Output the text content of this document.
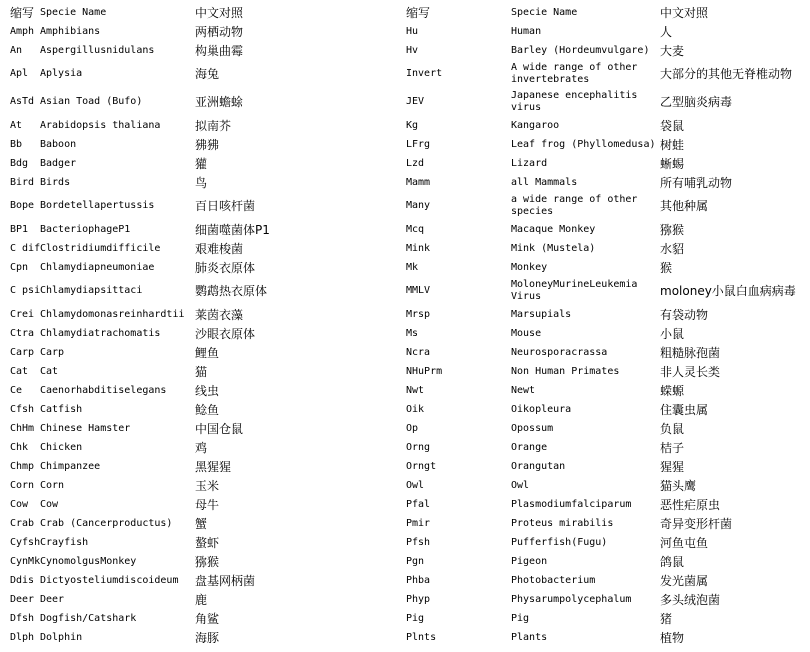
缩写	Specie Name	中文对照	缩写	Specie Name	中文对照
Amph	Amphibians	两栖动物	Hu	Human	人
An	Aspergillusnidulans	构巢曲霉	Hv	Barley (Hordeumvulgare)	大麦
Apl	Aplysia	海兔	Invert	A wide range of other invertebrates	大部分的其他无脊椎动物
AsTd	Asian Toad (Bufo)	亚洲蟾蜍	JEV	Japanese encephalitis virus	乙型脑炎病毒
At	Arabidopsis thaliana	拟南芥	Kg	Kangaroo	袋鼠
Bb	Baboon	狒狒	LFrg	Leaf frog (Phyllomedusa)	树蛙
Bdg	Badger	獾	Lzd	Lizard	蜥蜴
Bird	Birds	鸟	Mamm	all Mammals	所有哺乳动物
Bope	Bordetellapertussis	百日咳杆菌	Many	a wide range of other species	其他种属
BP1	BacteriophageP1	细菌噬菌体P1	Mcq	Macaque Monkey	猕猴
C dif	Clostridiumdifficile	艰难梭菌	Mink	Mink (Mustela)	水貂
Cpn	Chlamydiapneumoniae	肺炎衣原体	Mk	Monkey	猴
C psi	Chlamydiapsittaci	鹦鹉热衣原体	MMLV	MoloneyMurineLeukemia Virus	moloney小鼠白血病病毒
Crei	Chlamydomonasreinhardtii	莱茵衣藻	Mrsp	Marsupials	有袋动物
Ctra	Chlamydiatrachomatis	沙眼衣原体	Ms	Mouse	小鼠
Carp	Carp	鲤鱼	Ncra	Neurosporacrassa	粗糙脉孢菌
Cat	Cat	猫	NHuPrm	Non Human Primates	非人灵长类
Ce	Caenorhabditiselegans	线虫	Nwt	Newt	蝾螈
Cfsh	Catfish	鲶鱼	Oik	Oikopleura	住囊虫属
ChHm	Chinese Hamster	中国仓鼠	Op	Opossum	负鼠
Chk	Chicken	鸡	Orng	Orange	桔子
Chmp	Chimpanzee	黑猩猩	Orngt	Orangutan	猩猩
Corn	Corn	玉米	Owl	Owl	猫头鹰
Cow	Cow	母牛	Pfal	Plasmodiumfalciparum	恶性疟原虫
Crab	Crab (Cancerproductus)	蟹	Pmir	Proteus mirabilis	奇异变形杆菌
Cyfsh	Crayfish	螯虾	Pfsh	Pufferfish(Fugu)	河鱼屯鱼
CynMk	CynomolgusMonkey	猕猴	Pgn	Pigeon	鸽鼠
Ddis	Dictyosteliumdiscoideum	盘基网柄菌	Phba	Photobacterium	发光菌属
Deer	Deer	鹿	Phyp	Physarumpolycephalum	多头绒泡菌
Dfsh	Dogfish/Catshark	角鲨	Pig	Pig	猪
Dlph	Dolphin	海豚	Plnts	Plants	植物
